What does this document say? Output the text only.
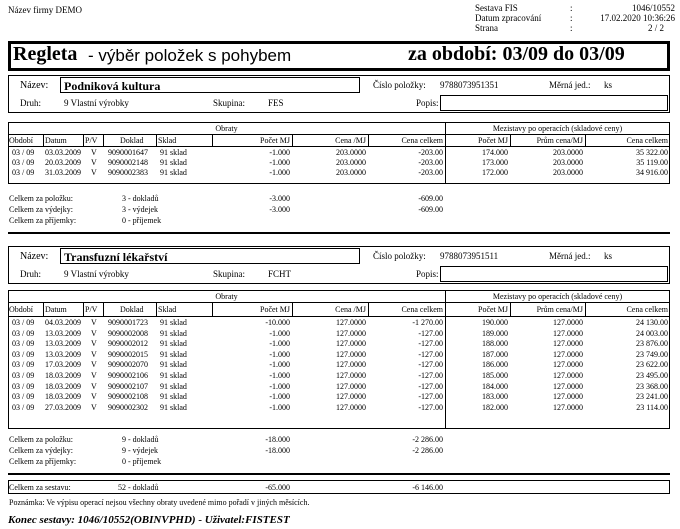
Název firmy DEMO	Sestava FIS	:	1046/10552
Datum zpracování	:	17.02.2020 10:36:26
Strana	:	2 / 2
Regleta - výběr položek s pohybem	za období: 03/09 do 03/09
Název: Podniková kultura	Číslo položky: 9788073951351	Měrná jed.: ks
Druh:	9 Vlastní výrobky	Skupina:	FES	Popis:
Obraty	Mezistavy po operacích (skladové ceny)
Období Datum P/V	Doklad Sklad	Počet MJ	Cena /MJ	Cena celkem	Počet MJ	Prům cena/MJ	Cena celkem
03 / 09 03.03.2009 V 9090001647 91 sklad	-1.000	203.0000	-203.00	174.000	203.0000	35 322.00
03 / 09 20.03.2009 V 9090002148 91 sklad	-1.000	203.0000	-203.00	173.000	203.0000	35 119.00
03 / 09 31.03.2009 V 9090002383 91 sklad	-1.000	203.0000	-203.00	172.000	203.0000	34 916.00
Celkem za položku:	3 - dokladů	-3.000	-609.00
Celkem za výdejky:	3 - výdejek	-3.000	-609.00
Celkem za příjemky:	0 - příjemek
Název: Transfuzní lékařství	Číslo položky: 9788073951511	Měrná jed.: ks
Druh:	9 Vlastní výrobky	Skupina:	FCHT	Popis:
Obraty	Mezistavy po operacích (skladové ceny)
Období Datum P/V	Doklad Sklad	Počet MJ	Cena /MJ	Cena celkem	Počet MJ	Prům cena/MJ	Cena celkem
03 / 09 04.03.2009 V 9090001723 91 sklad	-10.000	127.0000	-1 270.00	190.000	127.0000	24 130.00
03 / 09 13.03.2009 V 9090002008 91 sklad	-1.000	127.0000	-127.00	189.000	127.0000	24 003.00
03 / 09 13.03.2009 V 9090002012 91 sklad	-1.000	127.0000	-127.00	188.000	127.0000	23 876.00
03 / 09 13.03.2009 V 9090002015 91 sklad	-1.000	127.0000	-127.00	187.000	127.0000	23 749.00
03 / 09 17.03.2009 V 9090002070 91 sklad	-1.000	127.0000	-127.00	186.000	127.0000	23 622.00
03 / 09 18.03.2009 V 9090002106 91 sklad	-1.000	127.0000	-127.00	185.000	127.0000	23 495.00
03 / 09 18.03.2009 V 9090002107 91 sklad	-1.000	127.0000	-127.00	184.000	127.0000	23 368.00
03 / 09 18.03.2009 V 9090002108 91 sklad	-1.000	127.0000	-127.00	183.000	127.0000	23 241.00
03 / 09 27.03.2009 V 9090002302 91 sklad	-1.000	127.0000	-127.00	182.000	127.0000	23 114.00
Celkem za položku:	9 - dokladů	-18.000	-2 286.00
Celkem za výdejky:	9 - výdejek	-18.000	-2 286.00
Celkem za příjemky:	0 - příjemek
Celkem za sestavu:	52 - dokladů	-65.000	-6 146.00
Poznámka: Ve výpisu operací nejsou všechny obraty uvedené mimo pořadí v jiných měsících.
Konec sestavy: 1046/10552(OBINVPHD) - Uživatel:FISTEST
